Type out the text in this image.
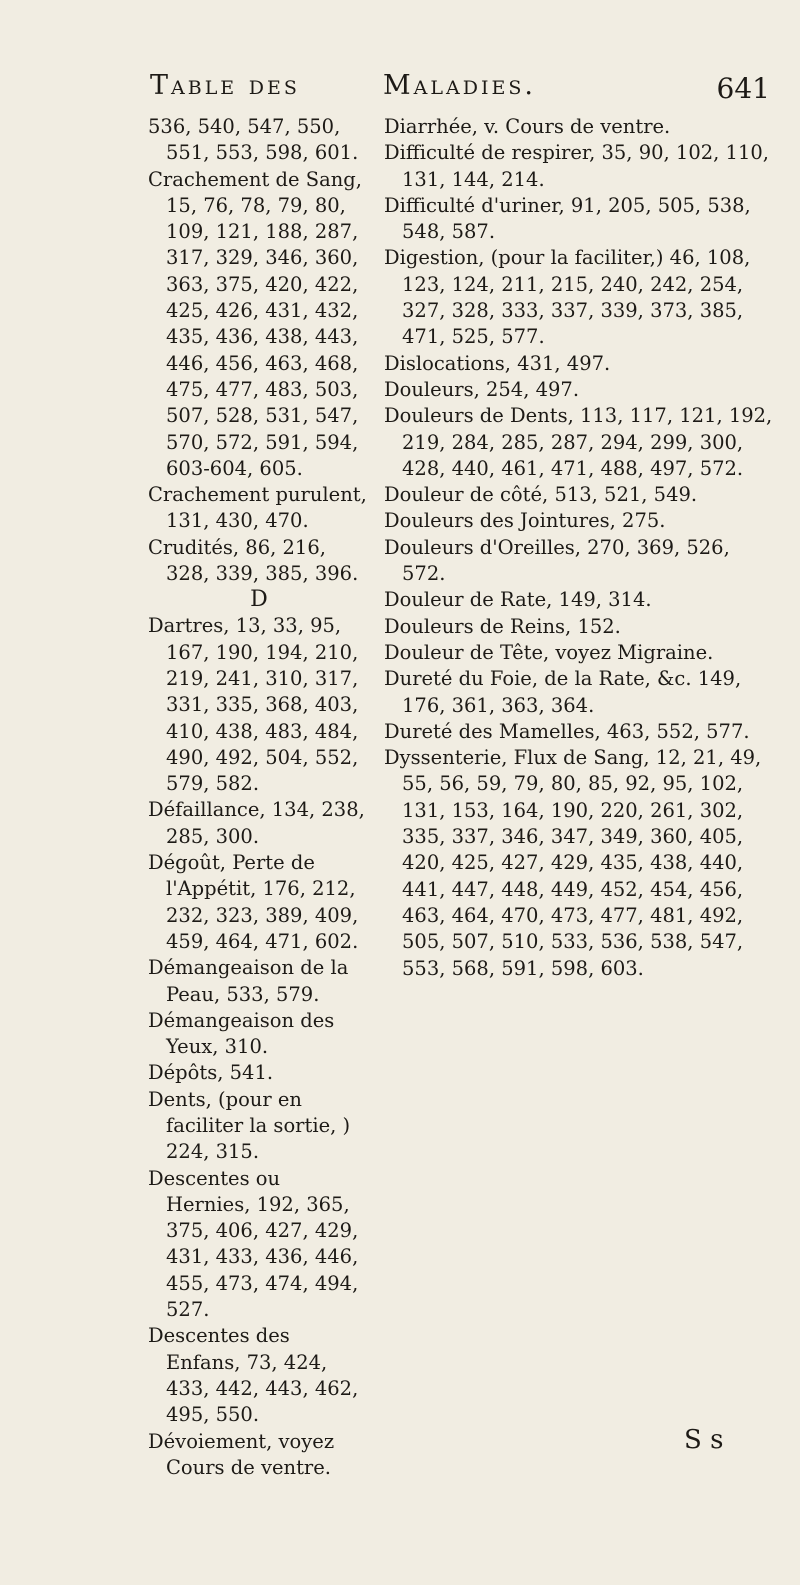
Table des	Maladies.	641

536, 540, 547, 550, 551, 553, 598, 601.

Crachement de Sang, 15, 76, 78, 79, 80, 109, 121, 188, 287, 317, 329, 346, 360, 363, 375, 420, 422, 425, 426, 431, 432, 435, 436, 438, 443, 446, 456, 463, 468, 475, 477, 483, 503, 507, 528, 531, 547, 570, 572, 591, 594, 603-604, 605.

Crachement purulent, 131, 430, 470.

Crudités, 86, 216, 328, 339, 385, 396.

D

Dartres, 13, 33, 95, 167, 190, 194, 210, 219, 241, 310, 317, 331, 335, 368, 403, 410, 438, 483, 484, 490, 492, 504, 552, 579, 582.

Défaillance, 134, 238, 285, 300.

Dégoût, Perte de l'Appétit, 176, 212, 232, 323, 389, 409, 459, 464, 471, 602.

Démangeaison de la Peau, 533, 579.

Démangeaison des Yeux, 310.

Dépôts, 541.

Dents, (pour en faciliter la sortie, ) 224, 315.

Descentes ou Hernies, 192, 365, 375, 406, 427, 429, 431, 433, 436, 446, 455, 473, 474, 494, 527.

Descentes des Enfans, 73, 424, 433, 442, 443, 462, 495, 550.

Dévoiement, voyez Cours de ventre.

Diarrhée, v. Cours de ventre.

Difficulté de respirer, 35, 90, 102, 110, 131, 144, 214.

Difficulté d'uriner, 91, 205, 505, 538, 548, 587.

Digestion, (pour la faciliter,) 46, 108, 123, 124, 211, 215, 240, 242, 254, 327, 328, 333, 337, 339, 373, 385, 471, 525, 577.

Dislocations, 431, 497.

Douleurs, 254, 497.

Douleurs de Dents, 113, 117, 121, 192, 219, 284, 285, 287, 294, 299, 300, 428, 440, 461, 471, 488, 497, 572.

Douleur de côté, 513, 521, 549.

Douleurs des Jointures, 275.

Douleurs d'Oreilles, 270, 369, 526, 572.

Douleur de Rate, 149, 314.

Douleurs de Reins, 152.

Douleur de Tête, voyez Migraine.

Dureté du Foie, de la Rate, &c. 149, 176, 361, 363, 364.

Dureté des Mamelles, 463, 552, 577.

Dyssenterie, Flux de Sang, 12, 21, 49, 55, 56, 59, 79, 80, 85, 92, 95, 102, 131, 153, 164, 190, 220, 261, 302, 335, 337, 346, 347, 349, 360, 405, 420, 425, 427, 429, 435, 438, 440, 441, 447, 448, 449, 452, 454, 456, 463, 464, 470, 473, 477, 481, 492, 505, 507, 510, 533, 536, 538, 547, 553, 568, 591, 598, 603.

S s
